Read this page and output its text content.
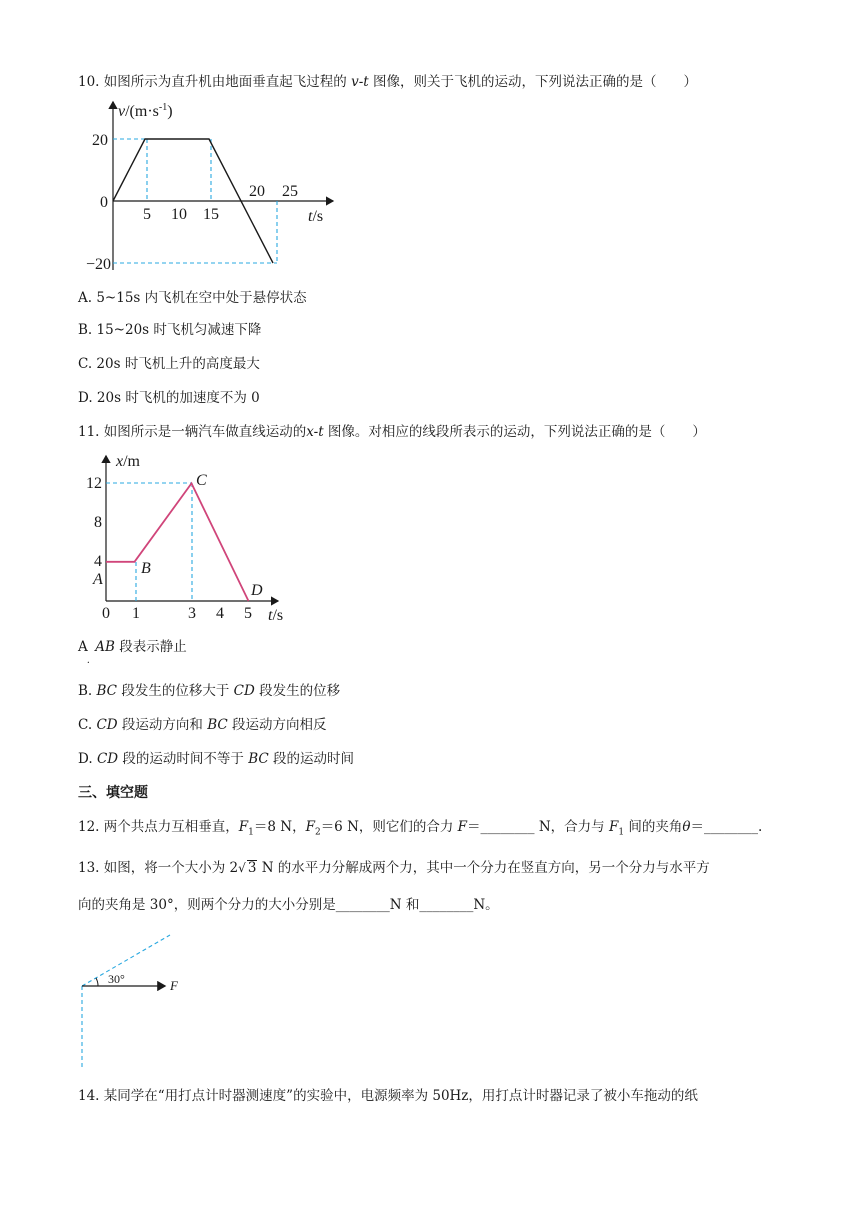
10. 如图所示为直升机由地面垂直起飞过程的 v-t 图像，则关于飞机的运动，下列说法正确的是（　　）
$v/(m\cdot s^{-1})$
t/s
20
0
−20
5 10 15
20 25
A. 5~15s 内飞机在空中处于悬停状态
B. 15~20s 时飞机匀减速下降
C. 20s 时飞机上升的高度最大
D. 20s 时飞机的加速度不为 0
11. 如图所示是一辆汽车做直线运动的x-t 图像。对相应的线段所表示的运动，下列说法正确的是（　　）
x/m
t/s
12
8
4
0 1	3 4 5
A
B
C
D
$A_.$ AB 段表示静止
B. BC 段发生的位移大于 CD 段发生的位移
C. CD 段运动方向和 BC 段运动方向相反
D. CD 段的运动时间不等于 BC 段的运动时间
三、填空题
12. 两个共点力互相垂直，$F_1=8$ N，$F_2=6$ N，则它们的合力 F＝________ N，合力与 $F_1$ 间的夹角θ＝________.
13. 如图，将一个大小为 2√ 3 N 的水平力分解成两个力，其中一个分力在竖直方向，另一个分力与水平方
向的夹角是 30°，则两个分力的大小分别是________N 和________N。
30°	F
14. 某同学在“用打点计时器测速度”的实验中，电源频率为 50Hz，用打点计时器记录了被小车拖动的纸
